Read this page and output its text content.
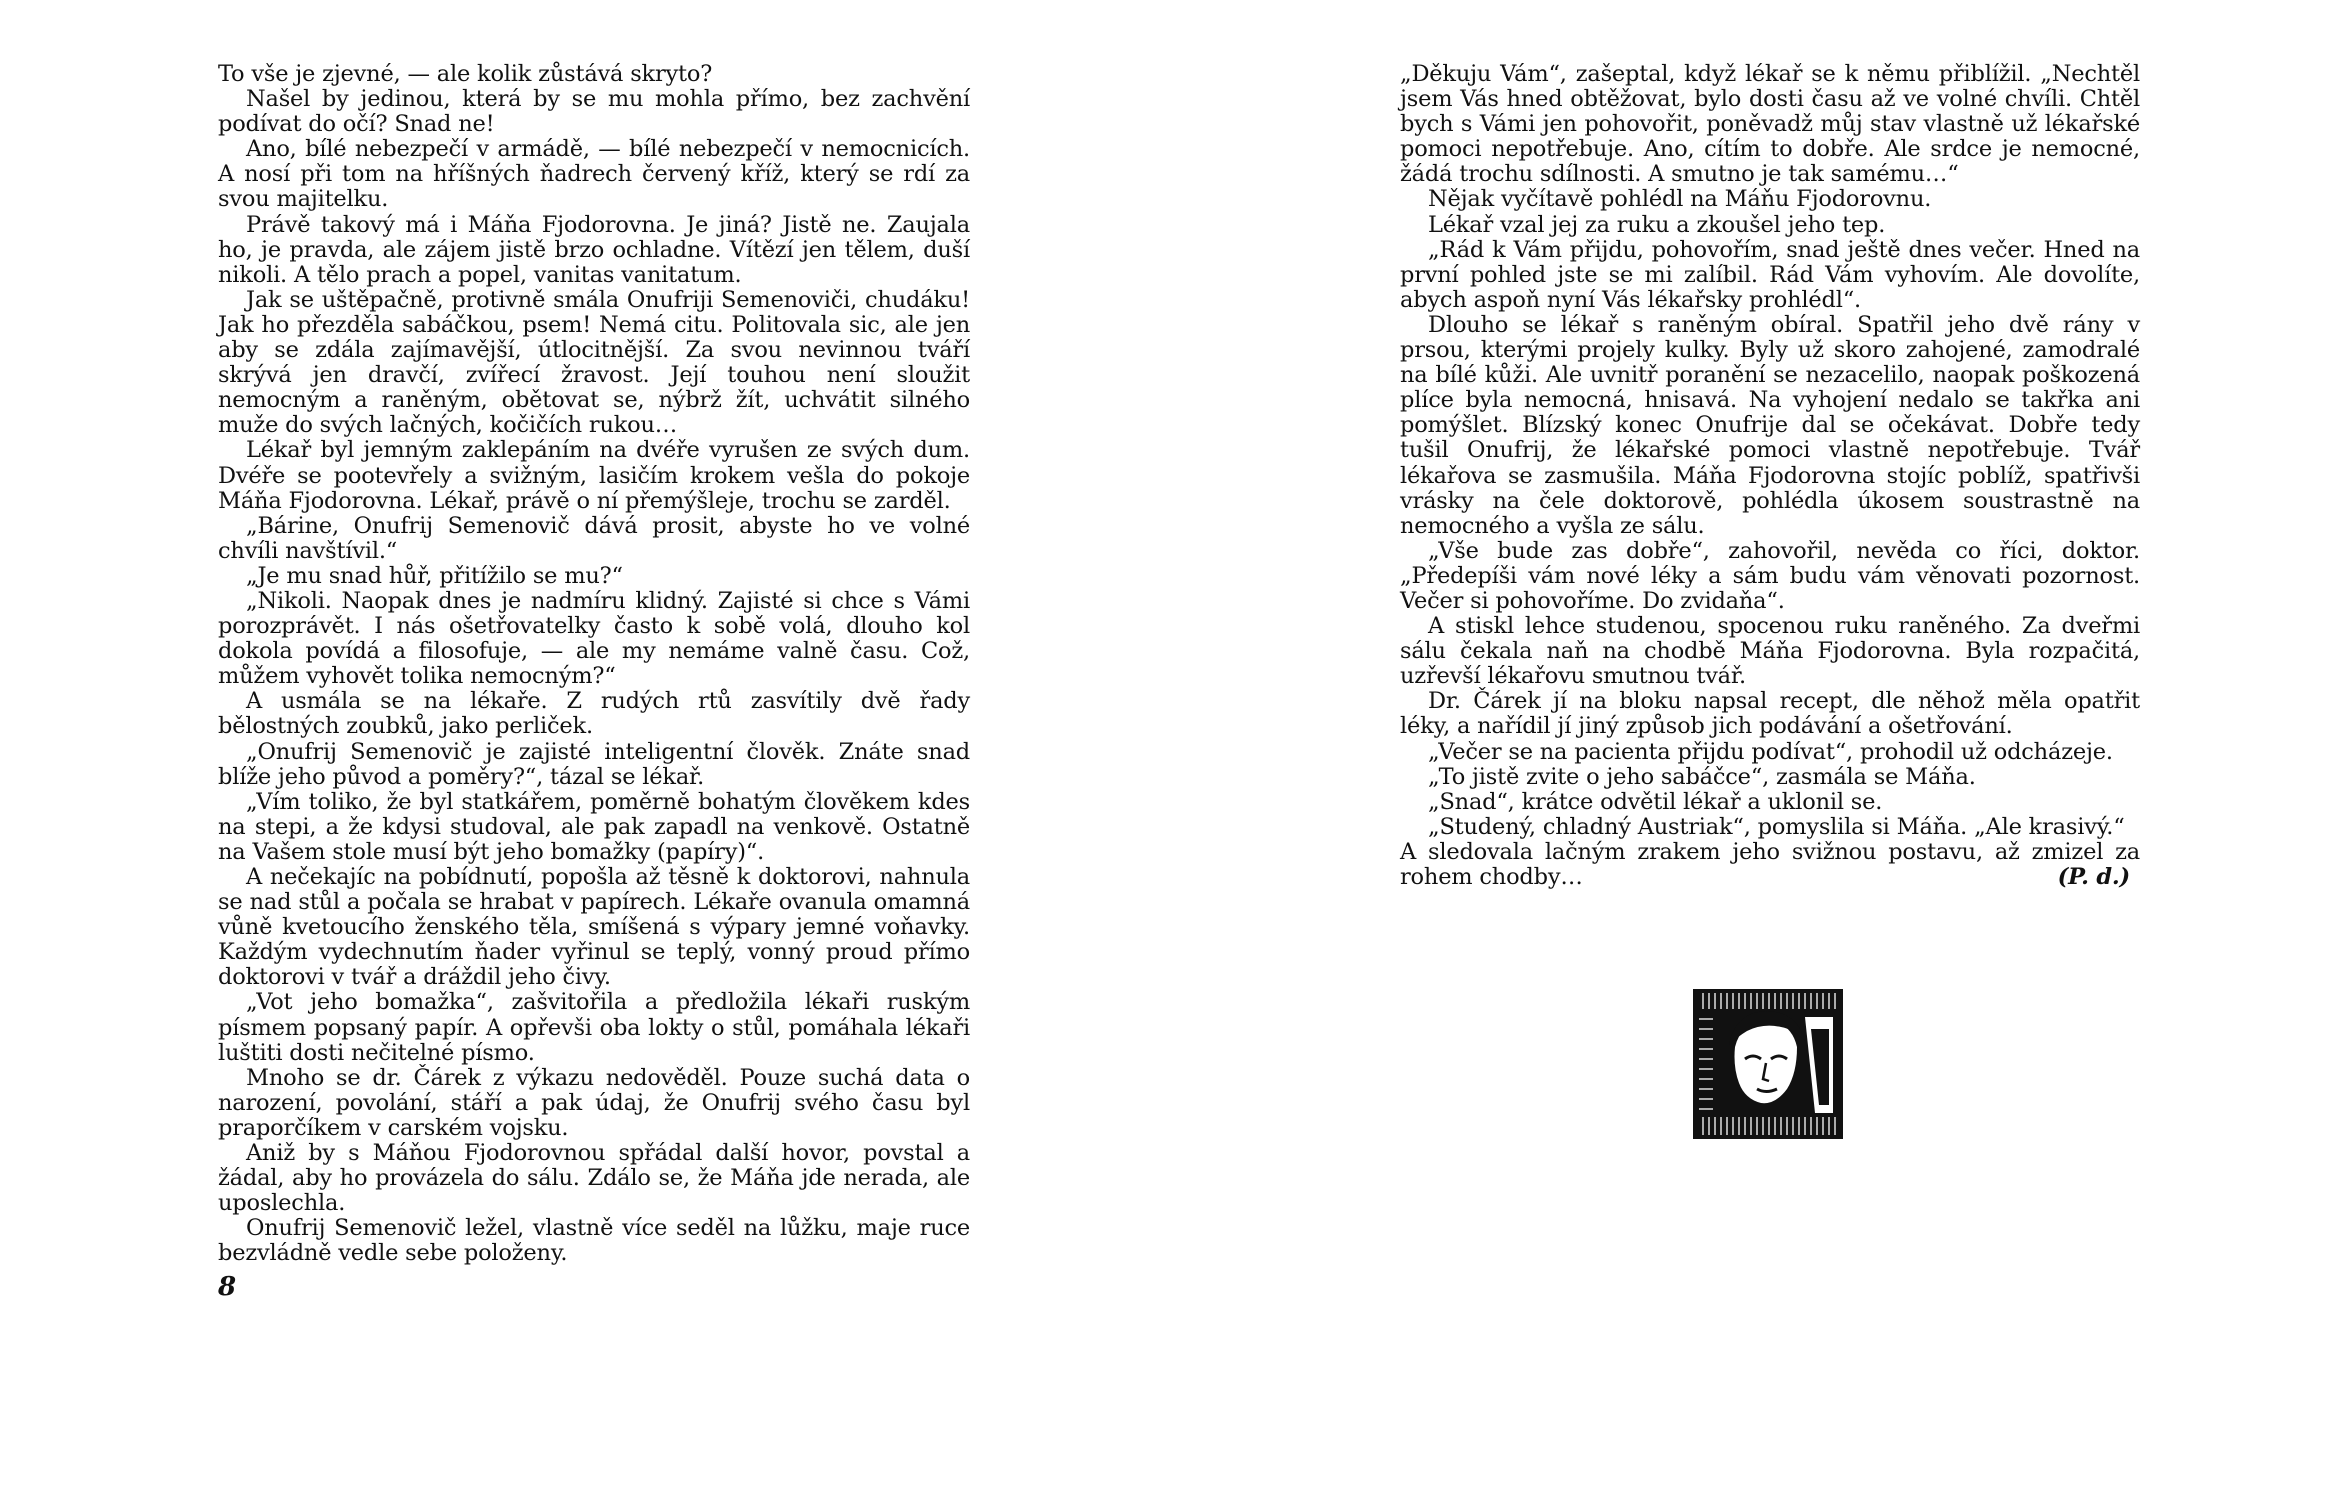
To vše je zjevné, — ale kolik zůstává skryto?

Našel by jedinou, která by se mu mohla přímo, bez zachvění podívat do očí? Snad ne!

Ano, bílé nebezpečí v armádě, — bílé nebezpečí v nemocnicích. A nosí při tom na hříšných ňadrech červený kříž, který se rdí za svou majitelku.

Právě takový má i Máňa Fjodorovna. Je jiná? Jistě ne. Zaujala ho, je pravda, ale zájem jistě brzo ochladne. Vítězí jen tělem, duší nikoli. A tělo prach a popel, vanitas vanitatum.

Jak se uštěpačně, protivně smála Onufriji Semenoviči, chudáku! Jak ho přezděla sabáčkou, psem! Nemá citu. Politovala sic, ale jen aby se zdála zajímavější, útlocitnější. Za svou nevinnou tváří skrývá jen dravčí, zvířecí žravost. Její touhou není sloužit nemocným a raněným, obětovat se, nýbrž žít, uchvátit silného muže do svých lačných, kočičích rukou…

Lékař byl jemným zaklepáním na dvéře vyrušen ze svých dum. Dvéře se pootevřely a svižným, lasičím krokem vešla do pokoje Máňa Fjodorovna. Lékař, právě o ní přemýšleje, trochu se zarděl.

„Bárine, Onufrij Semenovič dává prosit, abyste ho ve volné chvíli navštívil.“

„Je mu snad hůř, přitížilo se mu?“

„Nikoli. Naopak dnes je nadmíru klidný. Zajisté si chce s Vámi porozprávět. I nás ošetřovatelky často k sobě volá, dlouho kol dokola povídá a filosofuje, — ale my nemáme valně času. Což, můžem vyhovět tolika nemocným?“

A usmála se na lékaře. Z rudých rtů zasvítily dvě řady bělostných zoubků, jako perliček.

„Onufrij Semenovič je zajisté inteligentní člověk. Znáte snad blíže jeho původ a poměry?“, tázal se lékař.

„Vím toliko, že byl statkářem, poměrně bohatým člověkem kdes na stepi, a že kdysi studoval, ale pak zapadl na venkově. Ostatně na Vašem stole musí být jeho bomažky (papíry)“.

A nečekajíc na pobídnutí, popošla až těsně k doktorovi, nahnula se nad stůl a počala se hrabat v papírech. Lékaře ovanula omamná vůně kvetoucího ženského těla, smíšená s výpary jemné voňavky. Každým vydechnutím ňader vyřinul se teplý, vonný proud přímo doktorovi v tvář a dráždil jeho čivy.

„Vot jeho bomažka“, zašvitořila a předložila lékaři ruským písmem popsaný papír. A opřevši oba lokty o stůl, pomáhala lékaři luštiti dosti nečitelné písmo.

Mnoho se dr. Čárek z výkazu nedověděl. Pouze suchá data o narození, povolání, stáří a pak údaj, že Onufrij svého času byl praporčíkem v carském vojsku.

Aniž by s Máňou Fjodorovnou spřádal další hovor, povstal a žádal, aby ho provázela do sálu. Zdálo se, že Máňa jde nerada, ale uposlechla.

Onufrij Semenovič ležel, vlastně více seděl na lůžku, maje ruce bezvládně vedle sebe položeny.

8

„Děkuju Vám“, zašeptal, když lékař se k němu přiblížil. „Nechtěl jsem Vás hned obtěžovat, bylo dosti času až ve volné chvíli. Chtěl bych s Vámi jen pohovořit, poněvadž můj stav vlastně už lékařské pomoci nepotřebuje. Ano, cítím to dobře. Ale srdce je nemocné, žádá trochu sdílnosti. A smutno je tak samému…“

Nějak vyčítavě pohlédl na Máňu Fjodorovnu.

Lékař vzal jej za ruku a zkoušel jeho tep.

„Rád k Vám přijdu, pohovořím, snad ještě dnes večer. Hned na první pohled jste se mi zalíbil. Rád Vám vyhovím. Ale dovolíte, abych aspoň nyní Vás lékařsky prohlédl“.

Dlouho se lékař s raněným obíral. Spatřil jeho dvě rány v prsou, kterými projely kulky. Byly už skoro zahojené, zamodralé na bílé kůži. Ale uvnitř poranění se nezacelilo, naopak poškozená plíce byla nemocná, hnisavá. Na vyhojení nedalo se takřka ani pomýšlet. Blízský konec Onufrije dal se očekávat. Dobře tedy tušil Onufrij, že lékařské pomoci vlastně nepotřebuje. Tvář lékařova se zasmušila. Máňa Fjodorovna stojíc poblíž, spatřivši vrásky na čele doktorově, pohlédla úkosem soustrastně na nemocného a vyšla ze sálu.

„Vše bude zas dobře“, zahovořil, nevěda co říci, doktor. „Předepíši vám nové léky a sám budu vám věnovati pozornost. Večer si pohovoříme. Do zvidaňa“.

A stiskl lehce studenou, spocenou ruku raněného. Za dveřmi sálu čekala naň na chodbě Máňa Fjodorovna. Byla rozpačitá, uzřevší lékařovu smutnou tvář.

Dr. Čárek jí na bloku napsal recept, dle něhož měla opatřit léky, a nařídil jí jiný způsob jich podávání a ošetřování.

„Večer se na pacienta přijdu podívat“, prohodil už odcházeje.

„To jistě zvite o jeho sabáčce“, zasmála se Máňa.

„Snad“, krátce odvětil lékař a uklonil se.

„Studený, chladný Austriak“, pomyslila si Máňa. „Ale krasivý.“

A sledovala lačným zrakem jeho svižnou postavu, až zmizel za rohem chodby…	(P. d.)
